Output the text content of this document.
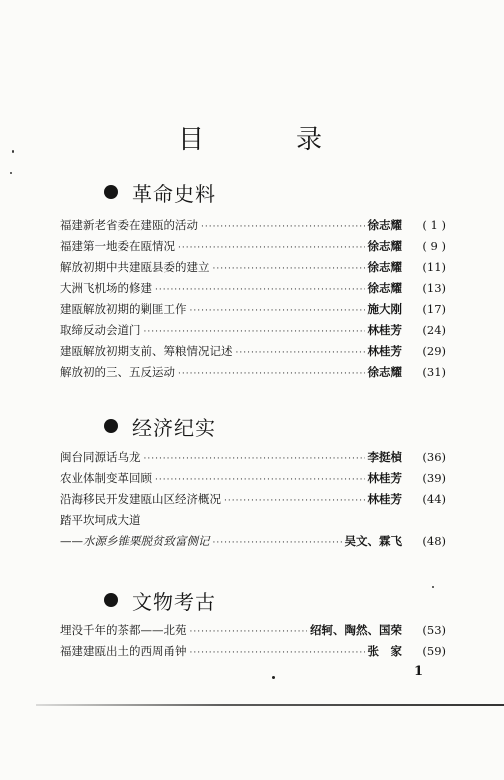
目	录
革命史料
福建新老省委在建瓯的活动 ·····	徐志耀	( 1 )
福建第一地委在瓯情况 ·····	徐志耀	( 9 )
解放初期中共建瓯县委的建立 ·····	徐志耀	(11)
大洲飞机场的修建 ·····	徐志耀	(13)
建瓯解放初期的剿匪工作 ·····	施大刚	(17)
取缔反动会道门 ·····	林桂芳	(24)
建瓯解放初期支前、筹粮情况记述 ·····	林桂芳	(29)
解放初的三、五反运动 ·····	徐志耀	(31)
经济纪实
闽台同源话乌龙 ·····	李挺楨	(36)
农业体制变革回顾 ·····	林桂芳	(39)
沿海移民开发建瓯山区经济概况 ·····	林桂芳	(44)
踏平坎坷成大道
——水源乡锥栗脱贫致富侧记 ·····	吴文、霖飞	(48)
文物考古
埋没千年的茶都——北苑 ·····	绍轲、陶然、国荣	(53)
福建建瓯出土的西周甬钟 ·····	张　家	(59)
1
